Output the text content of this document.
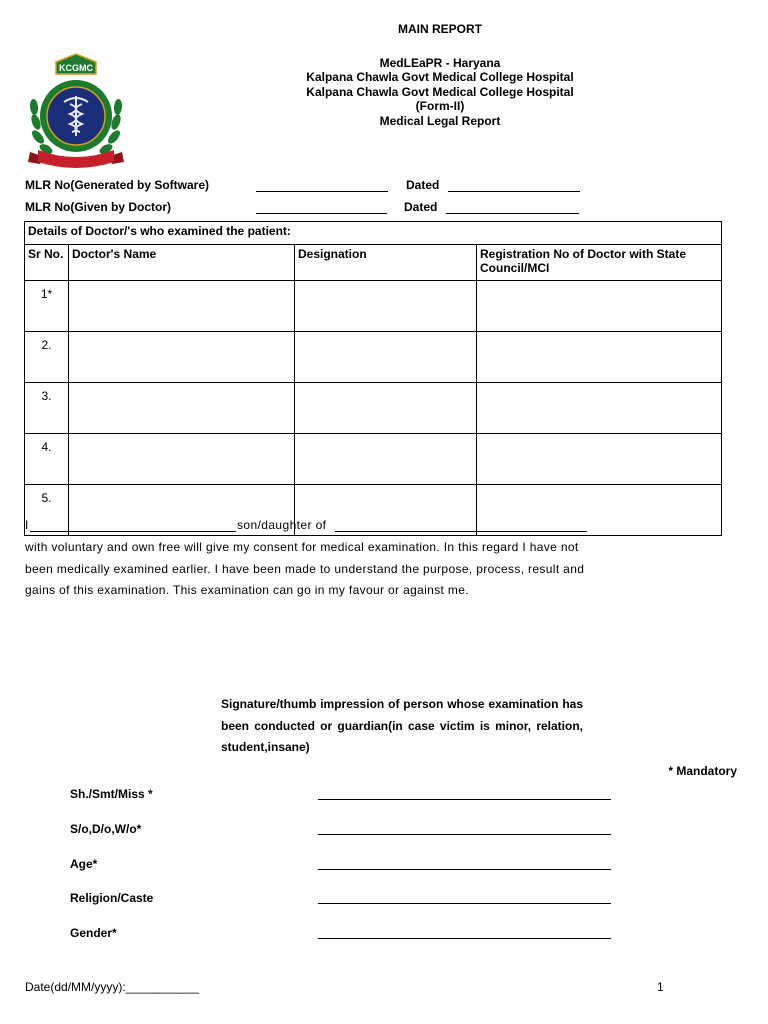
MAIN REPORT
MedLEaPR - Haryana
Kalpana Chawla Govt Medical College Hospital
Kalpana Chawla Govt Medical College Hospital
(Form-II)
Medical Legal Report
KCGMC
MLR No(Generated by Software)	Dated
MLR No(Given by Doctor)	Dated
Details of Doctor/'s who examined the patient:			
Sr No.	Doctor's Name	Designation	Registration No of Doctor with State Council/MCI
1*			
2.			
3.			
4.			
5.			
I	son/daughter of
with voluntary and own free will give my consent for medical examination. In this regard I have not been medically examined earlier. I have been made to understand the purpose, process, result and gains of this examination. This examination can go in my favour or against me.
Signature/thumb impression of person whose examination has been conducted or guardian(in case victim is minor, relation, student,insane)
* Mandatory
Sh./Smt/Miss *
S/o,D/o,W/o*
Age*
Religion/Caste
Gender*
Date(dd/MM/yyyy):___________	1
